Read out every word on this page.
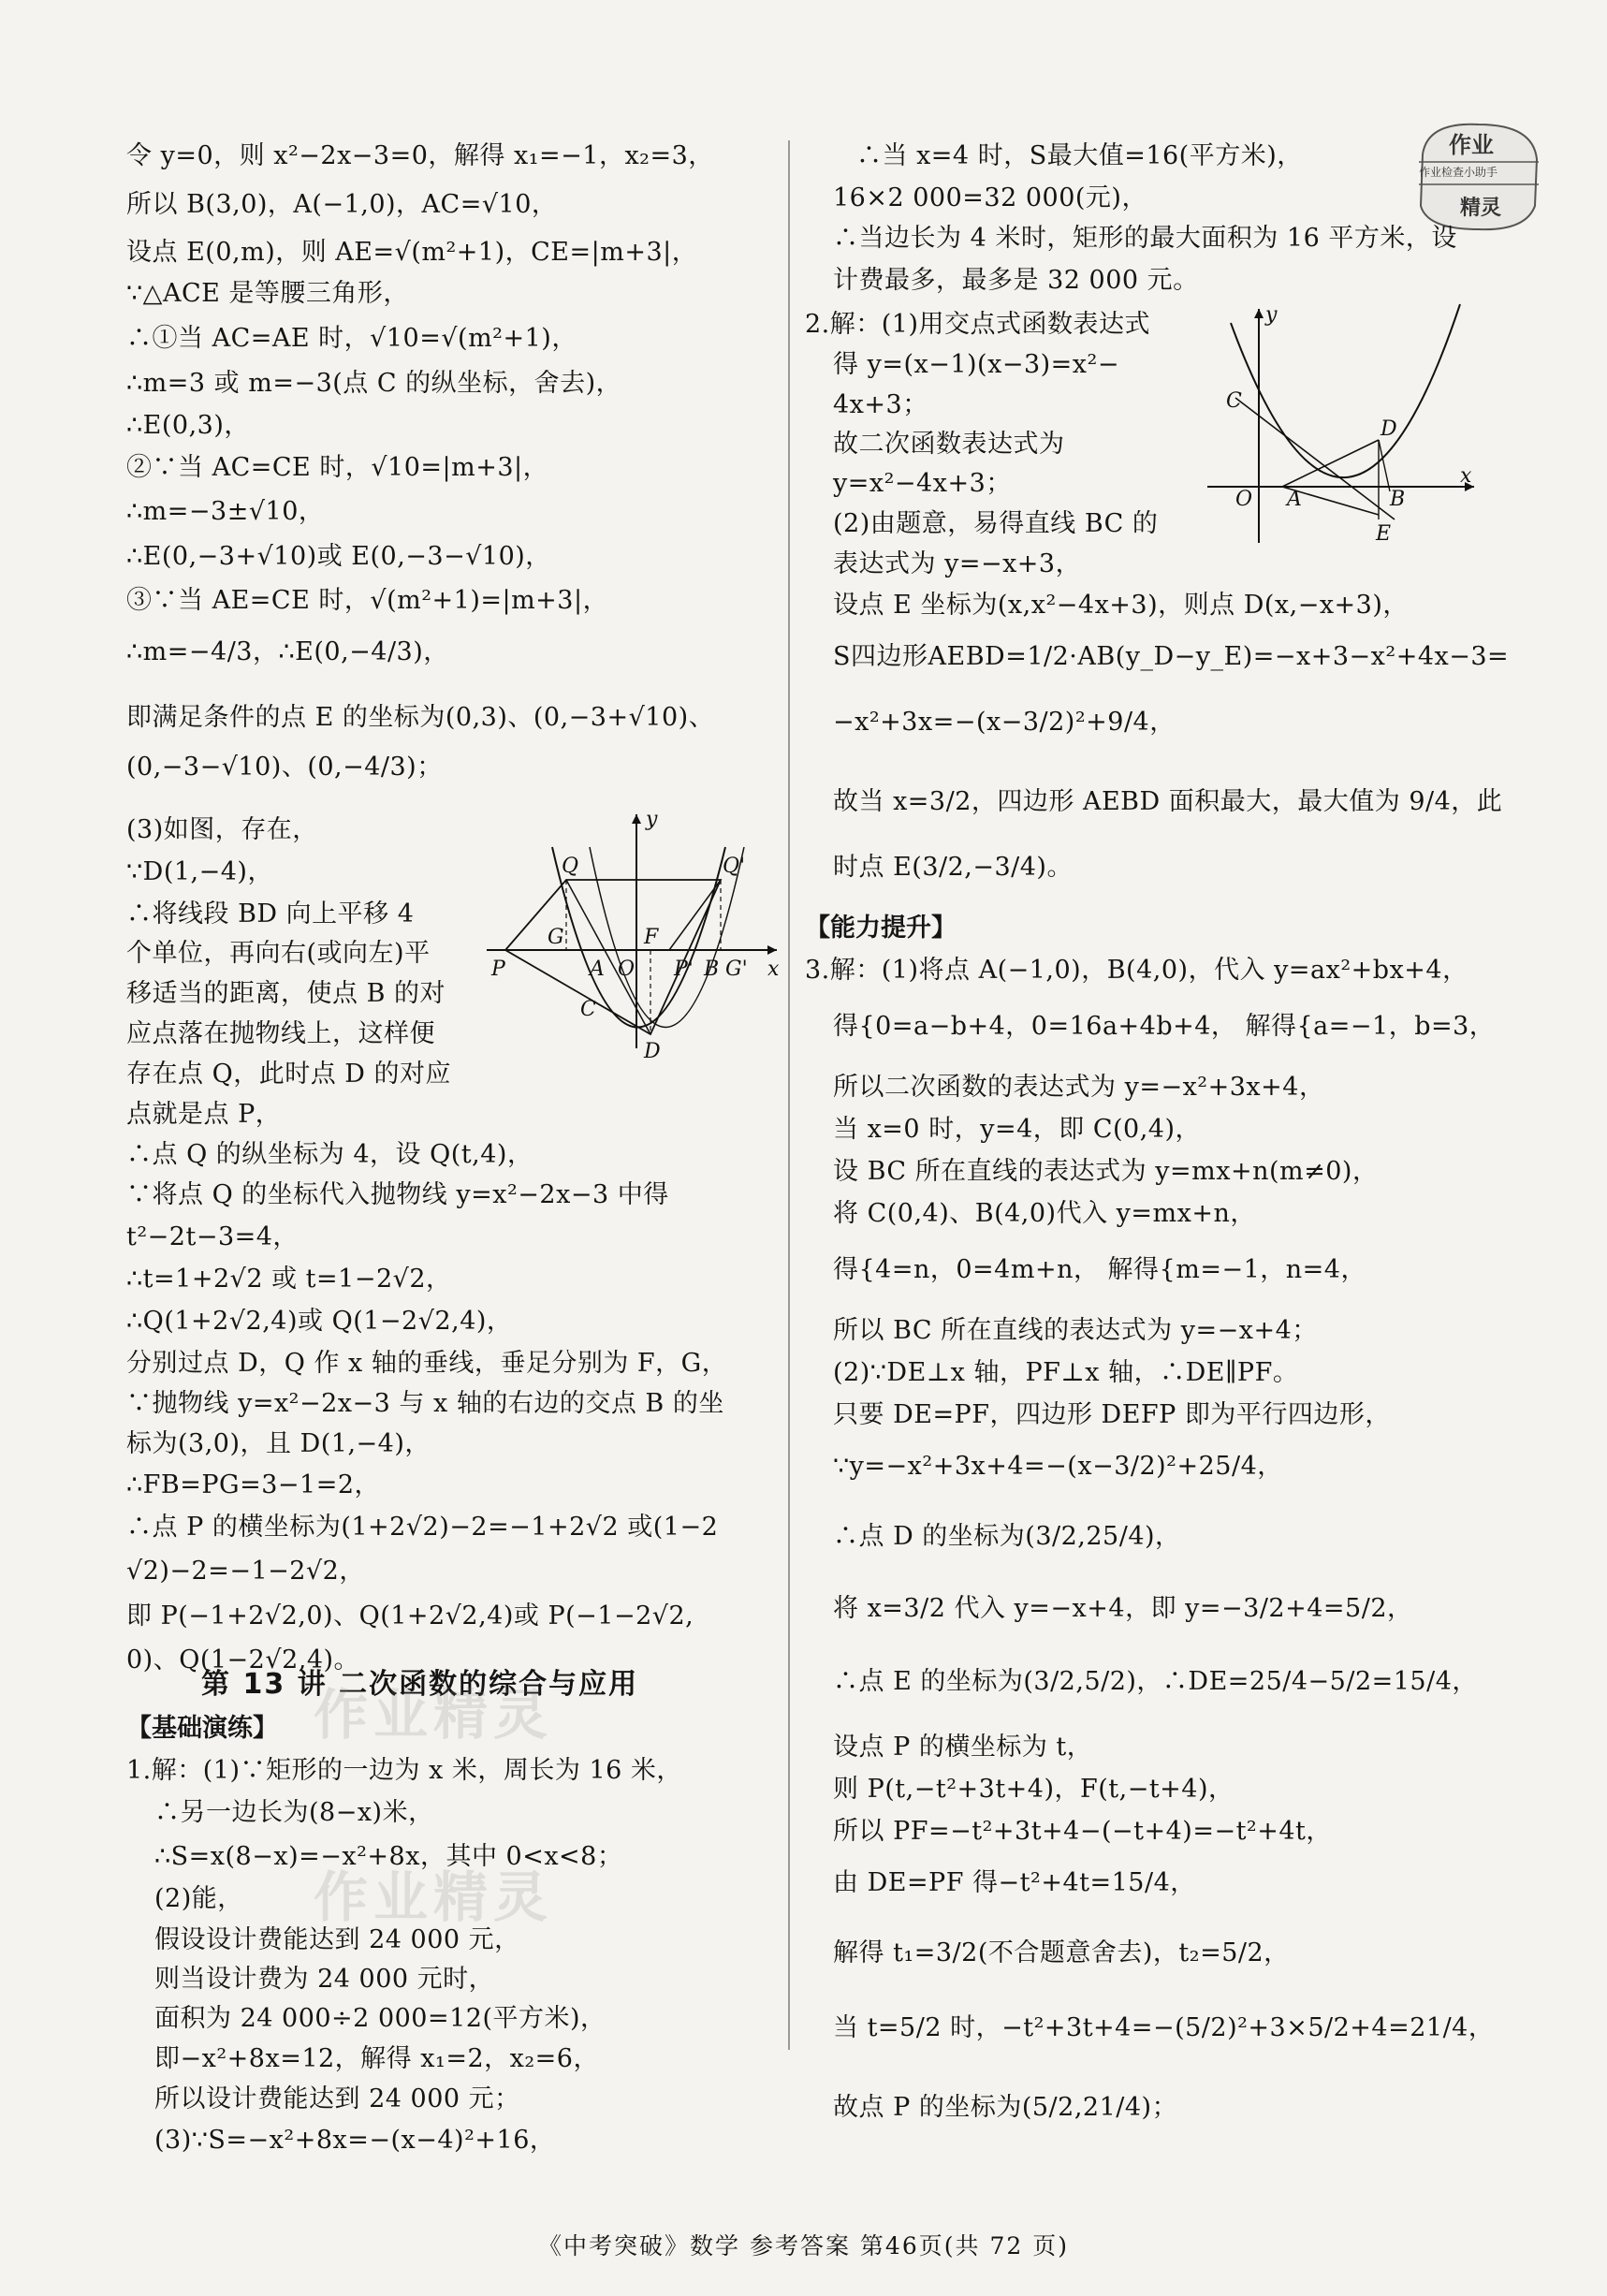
作业
作业检查小助手
精灵
令 y=0，则 x²−2x−3=0，解得 x₁=−1，x₂=3，
所以 B(3,0)，A(−1,0)，AC=√10，
设点 E(0,m)，则 AE=√(m²+1)，CE=|m+3|，
∵△ACE 是等腰三角形，
∴①当 AC=AE 时，√10=√(m²+1)，
∴m=3 或 m=−3(点 C 的纵坐标，舍去)，
∴E(0,3)，
②∵当 AC=CE 时，√10=|m+3|，
∴m=−3±√10，
∴E(0,−3+√10)或 E(0,−3−√10)，
③∵当 AE=CE 时，√(m²+1)=|m+3|，
∴m=−4/3，∴E(0,−4/3)，
即满足条件的点 E 的坐标为(0,3)、(0,−3+√10)、
(0,−3−√10)、(0,−4/3)；
(3)如图，存在，
∵D(1,−4)，
∴将线段 BD 向上平移 4
个单位，再向右(或向左)平
移适当的距离，使点 B 的对
应点落在抛物线上，这样便
存在点 Q，此时点 D 的对应
点就是点 P，
∴点 Q 的纵坐标为 4，设 Q(t,4)，
∵将点 Q 的坐标代入抛物线 y=x²−2x−3 中得
t²−2t−3=4，
∴t=1+2√2 或 t=1−2√2，
∴Q(1+2√2,4)或 Q(1−2√2,4)，
分别过点 D，Q 作 x 轴的垂线，垂足分别为 F，G，
∵抛物线 y=x²−2x−3 与 x 轴的右边的交点 B 的坐
标为(3,0)，且 D(1,−4)，
∴FB=PG=3−1=2，
∴点 P 的横坐标为(1+2√2)−2=−1+2√2 或(1−2
√2)−2=−1−2√2，
即 P(−1+2√2,0)、Q(1+2√2,4)或 P(−1−2√2,
0)、Q(1−2√2,4)。
第 13 讲 二次函数的综合与应用
【基础演练】
1.解：(1)∵矩形的一边为 x 米，周长为 16 米，
∴另一边长为(8−x)米，
∴S=x(8−x)=−x²+8x，其中 0<x<8；
(2)能，
假设设计费能达到 24 000 元，
则当设计费为 24 000 元时，
面积为 24 000÷2 000=12(平方米)，
即−x²+8x=12，解得 x₁=2，x₂=6，
所以设计费能达到 24 000 元；
(3)∵S=−x²+8x=−(x−4)²+16，
作业精灵
作业精灵
y
Q	Q'
G
A
F
O
P	P' B G' x
C
D
∴当 x=4 时，S最大值=16(平方米)，
16×2 000=32 000(元)，
∴当边长为 4 米时，矩形的最大面积为 16 平方米，设
计费最多，最多是 32 000 元。
2.解：(1)用交点式函数表达式
得 y=(x−1)(x−3)=x²−
4x+3；
故二次函数表达式为
y=x²−4x+3；
(2)由题意，易得直线 BC 的
表达式为 y=−x+3，
设点 E 坐标为(x,x²−4x+3)，则点 D(x,−x+3)，
S四边形AEBD=1/2·AB(y_D−y_E)=−x+3−x²+4x−3=
−x²+3x=−(x−3/2)²+9/4，
故当 x=3/2，四边形 AEBD 面积最大，最大值为 9/4，此
时点 E(3/2,−3/4)。
【能力提升】
3.解：(1)将点 A(−1,0)，B(4,0)，代入 y=ax²+bx+4，
得{0=a−b+4，0=16a+4b+4， 解得{a=−1，b=3，
所以二次函数的表达式为 y=−x²+3x+4，
当 x=0 时，y=4，即 C(0,4)，
设 BC 所在直线的表达式为 y=mx+n(m≠0)，
将 C(0,4)、B(4,0)代入 y=mx+n，
得{4=n，0=4m+n， 解得{m=−1，n=4，
所以 BC 所在直线的表达式为 y=−x+4；
(2)∵DE⊥x 轴，PF⊥x 轴，∴DE∥PF。
只要 DE=PF，四边形 DEFP 即为平行四边形，
∵y=−x²+3x+4=−(x−3/2)²+25/4，
∴点 D 的坐标为(3/2,25/4)，
将 x=3/2 代入 y=−x+4，即 y=−3/2+4=5/2，
∴点 E 的坐标为(3/2,5/2)，∴DE=25/4−5/2=15/4，
设点 P 的横坐标为 t，
则 P(t,−t²+3t+4)，F(t,−t+4)，
所以 PF=−t²+3t+4−(−t+4)=−t²+4t，
由 DE=PF 得−t²+4t=15/4，
解得 t₁=3/2(不合题意舍去)，t₂=5/2，
当 t=5/2 时，−t²+3t+4=−(5/2)²+3×5/2+4=21/4，
故点 P 的坐标为(5/2,21/4)；
y
C
D
O A	B
x
E
《中考突破》数学 参考答案 第46页(共 72 页)
